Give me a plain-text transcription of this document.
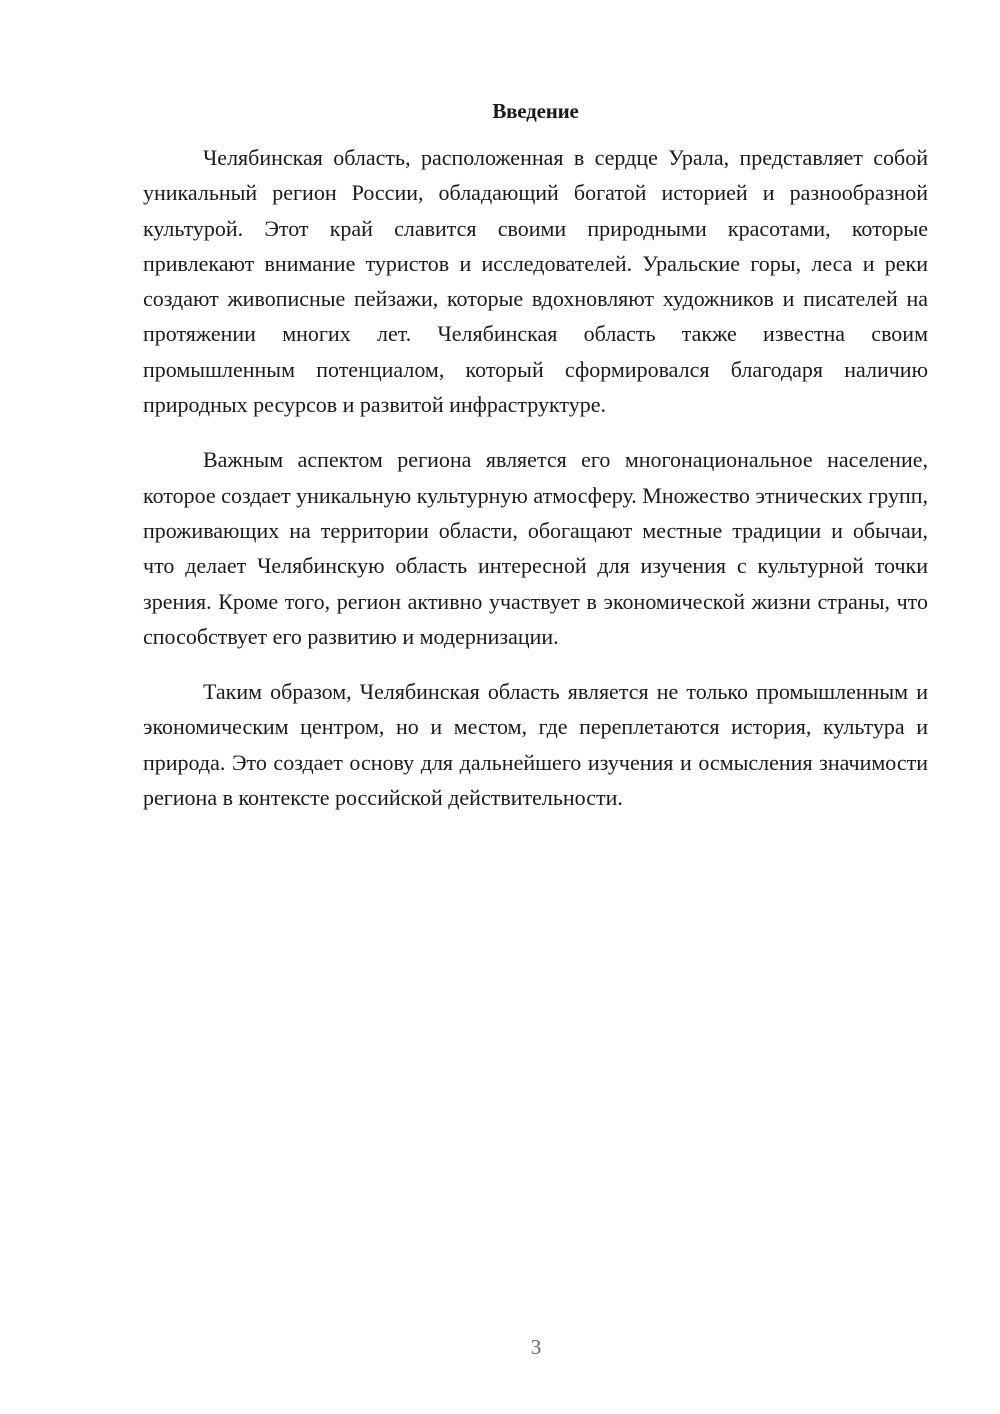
Введение

Челябинская область, расположенная в сердце Урала, представляет собой уникальный регион России, обладающий богатой историей и разнообразной культурой. Этот край славится своими природными красотами, которые привлекают внимание туристов и исследователей. Уральские горы, леса и реки создают живописные пейзажи, которые вдохновляют художников и писателей на протяжении многих лет. Челябинская область также известна своим промышленным потенциалом, который сформировался благодаря наличию природных ресурсов и развитой инфраструктуре.

Важным аспектом региона является его многонациональное население, которое создает уникальную культурную атмосферу. Множество этнических групп, проживающих на территории области, обогащают местные традиции и обычаи, что делает Челябинскую область интересной для изучения с культурной точки зрения. Кроме того, регион активно участвует в экономической жизни страны, что способствует его развитию и модернизации.

Таким образом, Челябинская область является не только промышленным и экономическим центром, но и местом, где переплетаются история, культура и природа. Это создает основу для дальнейшего изучения и осмысления значимости региона в контексте российской действительности.

3
